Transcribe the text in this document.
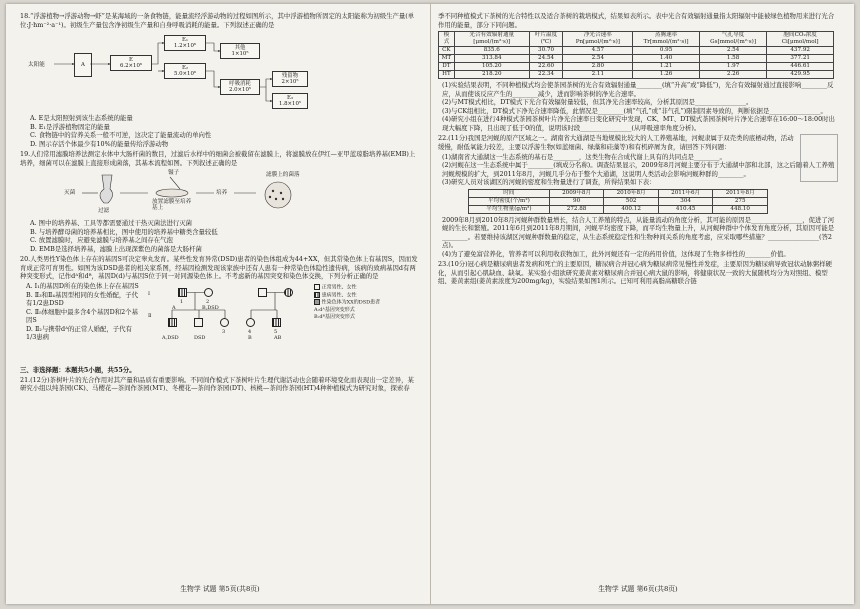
18.“浮游植物→浮游动物→虾”是某海域的一条食物链，能量流经浮游动物的过程如图所示，其中浮游植物所固定的太阳能称为初级生产量(单位:J·hm⁻²·a⁻¹)。初级生产量包含净初级生产量和自身呼吸消耗的能量。下列叙述正确的是
太阳能	A
E
6.2×10⁶
E₁
1.2×10⁶
E₂
5.0×10⁶
其他
1×10⁵
呼吸消耗
2.0×10⁵
残留物
2×10⁵
E₃
1.8×10⁵
A. E是太阳照射到该生态系统的能量
B. E₁是浮游植物固定的能量
C. 食物链中的营养关系一般不可逆，这决定了能量流动的单向性
D. 图示存活个体最少有10%的能量传给浮游动物
19.人们常用滤膜培养法测定水体中大肠杆菌的数目，过滤后水样中的细菌会被截留在滤膜上，将滤膜放在伊红—亚甲蓝琼脂培养基(EMB)上培养，细菌可以在滤膜上直接形成菌落，其基本流程如图。下列叙述正确的是
灭菌
镊子
过滤
放置滤膜至培养基上
培养
滤膜上的菌落
A. 图中的培养基、工具等都需要通过干热灭菌法进行灭菌
B. 与培养酵母菌的培养基相比，图中使用的培养基中糖类含量较低
C. 放置滤膜时，应避免滤膜与培养基之间存在气泡
D. EMB是选择培养基，滤膜上出现深紫色的菌落是大肠杆菌
20.人类男性Y染色体上存在的基因S可决定睾丸发育。某些性发育异常(DSD)患者的染色体组成为44+XX，但其常染色体上有基因S，因而发育成正常可育男性。如图为该DSD患者的相关家系图，经基因检测发现该家族中还有人患有一种常染色体隐性遗传病，该病的致病基因d有两种突变形式，记作dᴬ和dᴮ，基因D(d)与基因S位于同一对同源染色体上。不考虑新的基因突变和染色体交换，下列分析正确的是
A. Ⅰ₁的基因D所在的染色体上存在基因S
B. Ⅱ₃和Ⅱ₄基因型相同的女性婚配，子代有1/2患DSD
C. Ⅱ₅体细胞中最多含4个基因D和2个基因S
D. Ⅱ₂与携带dᴬ的正常人婚配，子代有1/3患病
Ⅰ
Ⅱ
1	2
A	B,DSD
3	4	5
A,DSD	DSD	B	AB
正常男性、女性
患病男性、女性
性染色体为XX的DSD患者
A:dᴬ基因突变形式
B:dᴮ基因突变形式
三、非选择题：本题共5小题，共55分。
21.(12分)茶树叶片的光合作用对其产量和品质有重要影响。不同间作模式下茶树叶片生理代谢活动也会随着环境变化而表现出一定差异，某研究小组以纯茶园(CK)、马樱花—茶间作茶园(MT)、冬樱花—茶间作茶园(DT)、核桃—茶间作茶园(HT)4种种植模式为研究对象，探索春
生物学 试题 第5页(共8页)
季不同种植模式下茶树的光合特性以及适合茶树的栽培模式，结果如表所示。表中光合有效辐射通量指太阳辐射中能被绿色植物用来进行光合作用的能量，部分下同问题。
模式	光合有效辐射通量[μmol/(m²·s)]	叶片温度(℃)	净光合速率Pn[μmol/(m²·s)]	蒸腾速率Tr[mmol/(m²·s)]	气孔导度Gs[mmol/(m²·s)]	胞间CO₂浓度Ci[μmol/mol]
CK	835.6	30.70	4.57	0.95	2.54	437.92
MT	313.84	24.54	2.54	1.40	1.58	377.21
DT	105.20	22.60	2.80	1.21	1.97	446.61
HT	218.20	22.34	2.11	1.26	2.26	429.95
(1)实验结果表明，不同种植模式均会使茶园茶树的光合有效辐射通量________(填“升高”或“降低”)，光合有效辐射通过直接影响________反应，从而使该反应产生的________减少，进而影响茶树的净光合速率。
(2)与MT模式相比，DT模式下光合有效辐射量较低，但其净光合速率较高，分析其原因是________________。
(3)与CK组相比，DT模式下净光合速率降低，此情况是________(填“气孔”或“非气孔”)限制因素导致的，判断依据是________________。
(4)研究小组在进行4种模式茶园茶树叶片净光合速率日变化研究中发现，CK、MT、DT模式茶园茶树叶片净光合速率在16:00～18:00时出现大幅度下降，且出现了低于0的值，说明该时段________________(从呼吸速率角度分析)。
22.(11分)我国是河蚬的原产区域之一。湖南省大通湖是当地规模比较大的人工养殖基地，河蚬隶属于双壳类的底栖动物，活动缓慢，耐低氧能力较差，主要以浮游生物(如蓝细菌、绿藻和硅藻等)和有机碎屑为食，请回答下列问题：
(1)湖南省大通湖这一生态系统的基石是________，这类生物在合成代谢上具有的共同点是________。
(2)河蚬在这一生态系统中属于________(填成分名称)。调查结果显示，2009年8月河蚬主要分布于大通湖中部和北部，这之后随着人工养殖河蚬规模的扩大，到2011年8月，河蚬几乎分布于整个大通湖，这说明人类活动会影响河蚬种群的________。
(3)研究人员对该湖区的河蚬的密度和生物量进行了调查，所得结果如下表：
时间	2009年8月	2010年8月	2011年6月	2011年8月
平均密度(个/m²)	90	502	304	275
平均生物量(g/m²)	272.88	400.12	410.45	448.10
2009年8月到2010年8月河蚬种群数量增长，结合人工养殖的特点，从能量流动的角度分析，其可能的原因是________________，促进了河蚬的生长和繁殖。2011年6月到2011年8月期间，河蚬平均密度下降，而平均生物量上升，从河蚬种群中个体发育角度分析，其原因可能是________。若要维持该湖区河蚬种群数量的稳定，从生态系统稳定性和生物种间关系的角度考虑，应采取哪些措施？________________(答2点)。
(4)为了避免富营养化，管养者可以利用收获物加工，此外河蚬还有一定的药用价值，这体现了生物多样性的________价值。
23.(10分)冠心病是糖尿病患者发病和死亡的主要原因，糖尿病合并冠心病为糖尿病常见慢性并发症，主要原因为糖尿病导致冠状动脉粥样硬化，从而引起心肌缺血、缺氧。某实验小组欲研究姜黄素对糖尿病合并冠心病大鼠的影响，将健康状况一致的大鼠随机均分为对照组、模型组、姜黄素组(姜黄素浓度为200mg/kg)，实验结果如图1所示。已知可利用高脂高糖联合链
生物学 试题 第6页(共8页)
